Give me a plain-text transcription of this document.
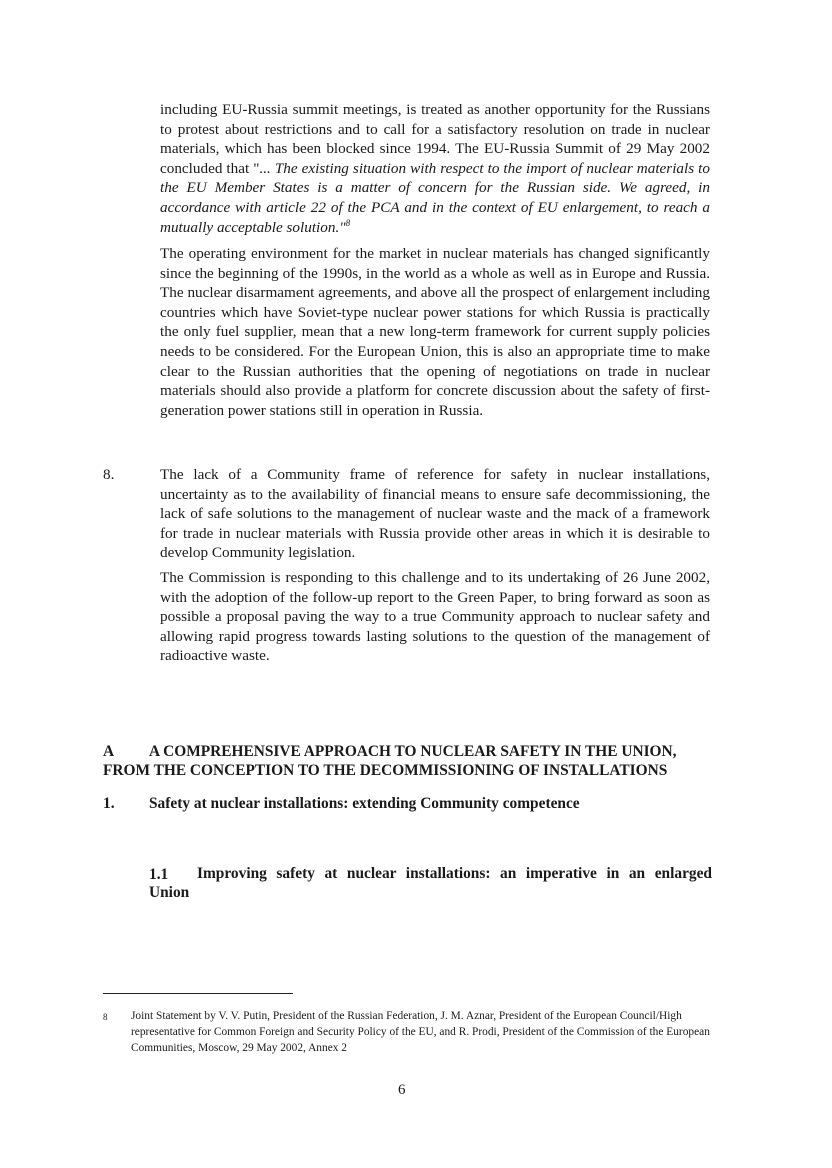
including EU-Russia summit meetings, is treated as another opportunity for the Russians to protest about restrictions and to call for a satisfactory resolution on trade in nuclear materials, which has been blocked since 1994. The EU-Russia Summit of 29 May 2002 concluded that "... The existing situation with respect to the import of nuclear materials to the EU Member States is a matter of concern for the Russian side. We agreed, in accordance with article 22 of the PCA and in the context of EU enlargement, to reach a mutually acceptable solution."$^8$

The operating environment for the market in nuclear materials has changed significantly since the beginning of the 1990s, in the world as a whole as well as in Europe and Russia. The nuclear disarmament agreements, and above all the prospect of enlargement including countries which have Soviet-type nuclear power stations for which Russia is practically the only fuel supplier, mean that a new long-term framework for current supply policies needs to be considered. For the European Union, this is also an appropriate time to make clear to the Russian authorities that the opening of negotiations on trade in nuclear materials should also provide a platform for concrete discussion about the safety of first-generation power stations still in operation in Russia.

8.	The lack of a Community frame of reference for safety in nuclear installations, uncertainty as to the availability of financial means to ensure safe decommissioning, the lack of safe solutions to the management of nuclear waste and the mack of a framework for trade in nuclear materials with Russia provide other areas in which it is desirable to develop Community legislation.

The Commission is responding to this challenge and to its undertaking of 26 June 2002, with the adoption of the follow-up report to the Green Paper, to bring forward as soon as possible a proposal paving the way to a true Community approach to nuclear safety and allowing rapid progress towards lasting solutions to the question of the management of radioactive waste.

A A COMPREHENSIVE APPROACH TO NUCLEAR SAFETY IN THE UNION,
FROM THE CONCEPTION TO THE DECOMMISSIONING OF INSTALLATIONS
1. Safety at nuclear installations: extending Community competence
1.1 Improving safety at nuclear installations: an imperative in an enlarged
Union
8 Joint Statement by V. V. Putin, President of the Russian Federation, J. M. Aznar, President of the European Council/High representative for Common Foreign and Security Policy of the EU, and R. Prodi, President of the Commission of the European Communities, Moscow, 29 May 2002, Annex 2

6
